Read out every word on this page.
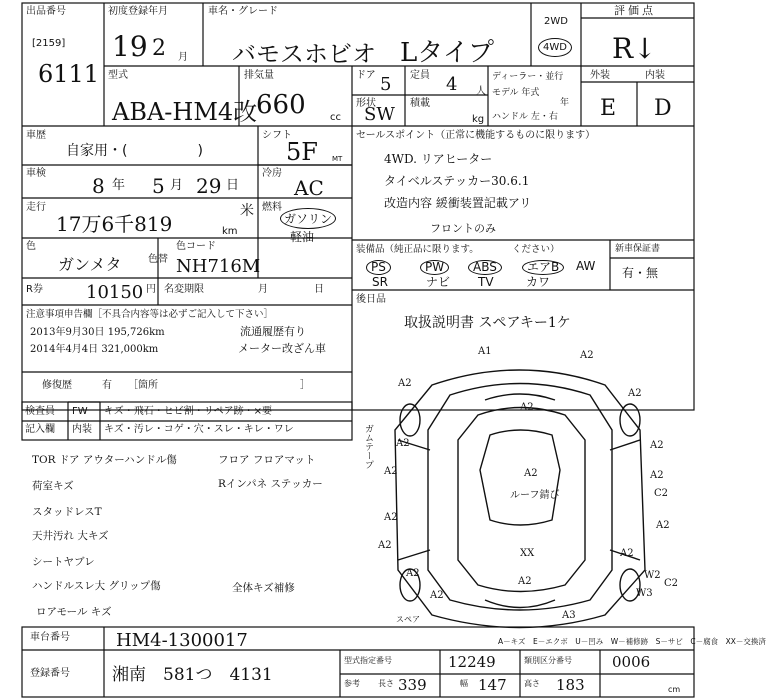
出品番号
[2159]
6111
初度登録年月
19 2 月
車名・グレード
バモスホビオ Lタイプ
2WD
4WD
評価点
R↓
型式
ABA-HM4改
排気量
660 cc
ドア 5 定員 4 人
形状
SW
積載
kg
ディーラー・並行
モデル 年式
年
ハンドル 左・右
外装	内装
E D
車歴
自家用・(　　　　　)
シフト
5F MT
車検
8 年 5 月 29 日
冷房
AC
走行
17万6千819	km
米 燃料
ガソリン
軽油
色
ガンメタ	色替
色コード
NH716M
R券 10150 円 名変期限	月	日
注意事項申告欄［不具合内容等は必ずご記入して下さい］
2013年9月30日 195,726km
2014年4月4日 321,000km
流通履歴有り
メーター改ざん車
修復歴	有 ［箇所	］
セールスポイント（正常に機能するものに限ります）
4WD. リアヒーター
タイベルステッカー30.6.1
改造内容 緩衝装置記載アリ
フロントのみ
装備品（純正品に限ります。　　　　ください）
PS	PW	ABS	エアB	AW
SR	ナビ TV	カワ
新車保証書
有・無
後日品
取扱説明書 スペアキー1ケ
検査員
記入欄
FW キズ・飛石・ヒビ割・リペア跡・×要
内装 キズ・汚レ・コゲ・穴・スレ・キレ・ワレ
TOR ドア アウターハンドル傷	フロア フロアマット
荷室キズ	Rインパネ ステッカー
スタッドレスT
天井汚れ 大キズ
シートヤブレ
ハンドルスレ大 グリップ傷	全体キズ補修
ロアモール キズ
A1
A2
A2
A2
A2
A2
A2
A2
A2
A2
A2
A2
A3
C2
W3
C2
W2
A2
XX
A2
A2
A2
A2
ガムテープ
スペア
ルーフ錆び
A－キズ　E－エクボ　U－凹み　W－補修跡　S－サビ　C－腐食　XX－交換済
車台番号	HM4-1300017
登録番号 湘南　581つ　4131
型式指定番号	12249	類別区分番号	0006
参考 長さ 339	幅 147 高さ 183	cm
